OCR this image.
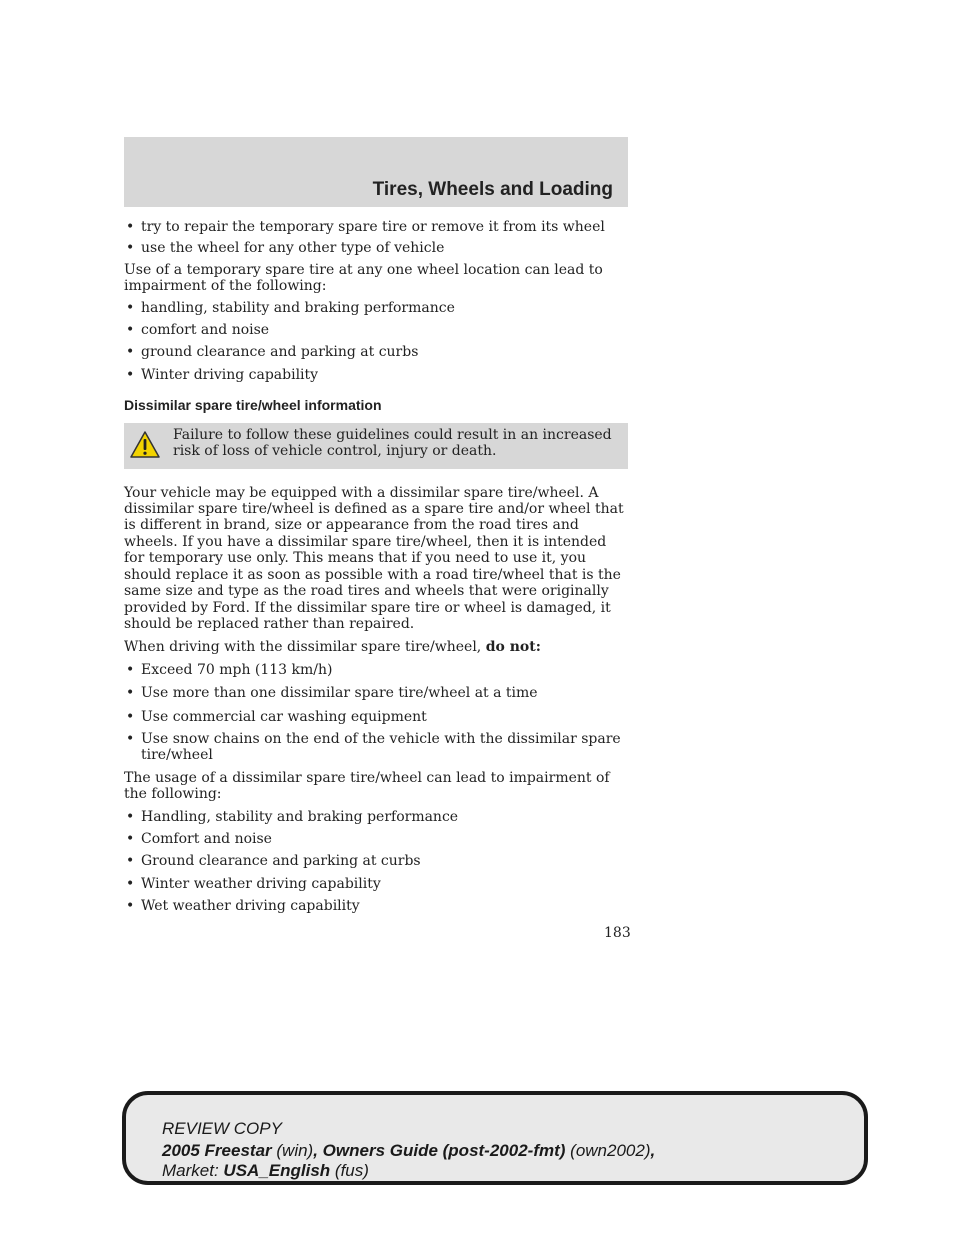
Tires, Wheels and Loading
• try to repair the temporary spare tire or remove it from its wheel
• use the wheel for any other type of vehicle

Use of a temporary spare tire at any one wheel location can lead to impairment of the following:

• handling, stability and braking performance
• comfort and noise
• ground clearance and parking at curbs
• Winter driving capability
Dissimilar spare tire/wheel information
Failure to follow these guidelines could result in an increased risk of loss of vehicle control, injury or death.

Your vehicle may be equipped with a dissimilar spare tire/wheel. A dissimilar spare tire/wheel is defined as a spare tire and/or wheel that is different in brand, size or appearance from the road tires and wheels. If you have a dissimilar spare tire/wheel, then it is intended for temporary use only. This means that if you need to use it, you should replace it as soon as possible with a road tire/wheel that is the same size and type as the road tires and wheels that were originally provided by Ford. If the dissimilar spare tire or wheel is damaged, it should be replaced rather than repaired.

When driving with the dissimilar spare tire/wheel, do not:

• Exceed 70 mph (113 km/h)
• Use more than one dissimilar spare tire/wheel at a time
• Use commercial car washing equipment
• Use snow chains on the end of the vehicle with the dissimilar spare tire/wheel

The usage of a dissimilar spare tire/wheel can lead to impairment of the following:

• Handling, stability and braking performance
• Comfort and noise
• Ground clearance and parking at curbs
• Winter weather driving capability
• Wet weather driving capability
183
REVIEW COPY
2005 Freestar (win), Owners Guide (post-2002-fmt) (own2002),
Market: USA_English (fus)
